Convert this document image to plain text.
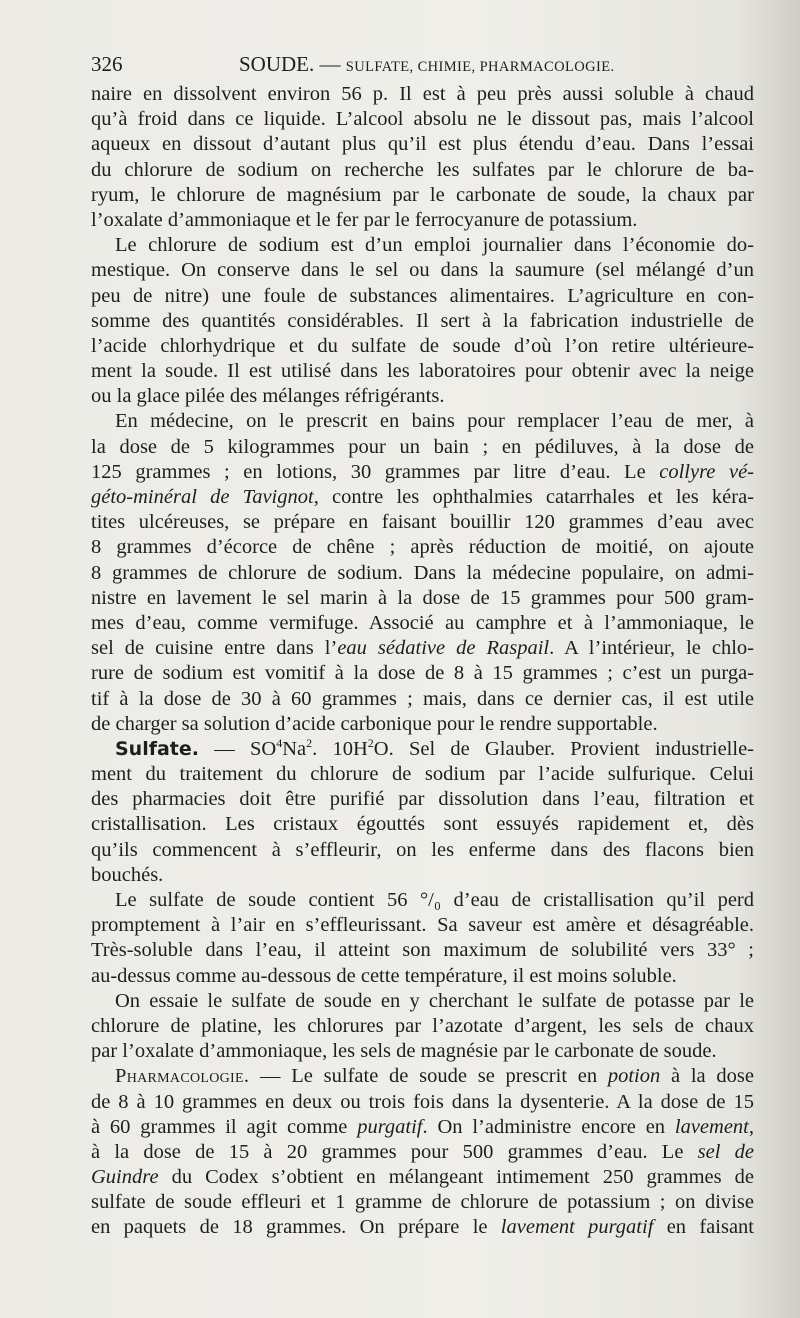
326	SOUDE. — SULFATE, CHIMIE, PHARMACOLOGIE.
naire en dissolvent environ 56 p. Il est à peu près aussi soluble à chaud
qu’à froid dans ce liquide. L’alcool absolu ne le dissout pas, mais l’alcool
aqueux en dissout d’autant plus qu’il est plus étendu d’eau. Dans l’essai
du chlorure de sodium on recherche les sulfates par le chlorure de ba-
ryum, le chlorure de magnésium par le carbonate de soude, la chaux par
l’oxalate d’ammoniaque et le fer par le ferrocyanure de potassium.
Le chlorure de sodium est d’un emploi journalier dans l’économie do-
mestique. On conserve dans le sel ou dans la saumure (sel mélangé d’un
peu de nitre) une foule de substances alimentaires. L’agriculture en con-
somme des quantités considérables. Il sert à la fabrication industrielle de
l’acide chlorhydrique et du sulfate de soude d’où l’on retire ultérieure-
ment la soude. Il est utilisé dans les laboratoires pour obtenir avec la neige
ou la glace pilée des mélanges réfrigérants.
En médecine, on le prescrit en bains pour remplacer l’eau de mer, à
la dose de 5 kilogrammes pour un bain ; en pédiluves, à la dose de
125 grammes ; en lotions, 30 grammes par litre d’eau. Le collyre vé-
géto-minéral de Tavignot, contre les ophthalmies catarrhales et les kéra-
tites ulcéreuses, se prépare en faisant bouillir 120 grammes d’eau avec
8 grammes d’écorce de chêne ; après réduction de moitié, on ajoute
8 grammes de chlorure de sodium. Dans la médecine populaire, on admi-
nistre en lavement le sel marin à la dose de 15 grammes pour 500 gram-
mes d’eau, comme vermifuge. Associé au camphre et à l’ammoniaque, le
sel de cuisine entre dans l’eau sédative de Raspail. A l’intérieur, le chlo-
rure de sodium est vomitif à la dose de 8 à 15 grammes ; c’est un purga-
tif à la dose de 30 à 60 grammes ; mais, dans ce dernier cas, il est utile
de charger sa solution d’acide carbonique pour le rendre supportable.
Sulfate. — $SO^4Na^2$. $10H^2O$. Sel de Glauber. Provient industrielle-
ment du traitement du chlorure de sodium par l’acide sulfurique. Celui
des pharmacies doit être purifié par dissolution dans l’eau, filtration et
cristallisation. Les cristaux égouttés sont essuyés rapidement et, dès
qu’ils commencent à s’effleurir, on les enferme dans des flacons bien
bouchés.
Le sulfate de soude contient 56 °/₀ d’eau de cristallisation qu’il perd
promptement à l’air en s’effleurissant. Sa saveur est amère et désagréable.
Très-soluble dans l’eau, il atteint son maximum de solubilité vers 33° ;
au-dessus comme au-dessous de cette température, il est moins soluble.
On essaie le sulfate de soude en y cherchant le sulfate de potasse par le
chlorure de platine, les chlorures par l’azotate d’argent, les sels de chaux
par l’oxalate d’ammoniaque, les sels de magnésie par le carbonate de soude.
Pharmacologie. — Le sulfate de soude se prescrit en potion à la dose
de 8 à 10 grammes en deux ou trois fois dans la dysenterie. A la dose de 15
à 60 grammes il agit comme purgatif. On l’administre encore en lavement,
à la dose de 15 à 20 grammes pour 500 grammes d’eau. Le sel de
Guindre du Codex s’obtient en mélangeant intimement 250 grammes de
sulfate de soude effleuri et 1 gramme de chlorure de potassium ; on divise
en paquets de 18 grammes. On prépare le lavement purgatif en faisant
